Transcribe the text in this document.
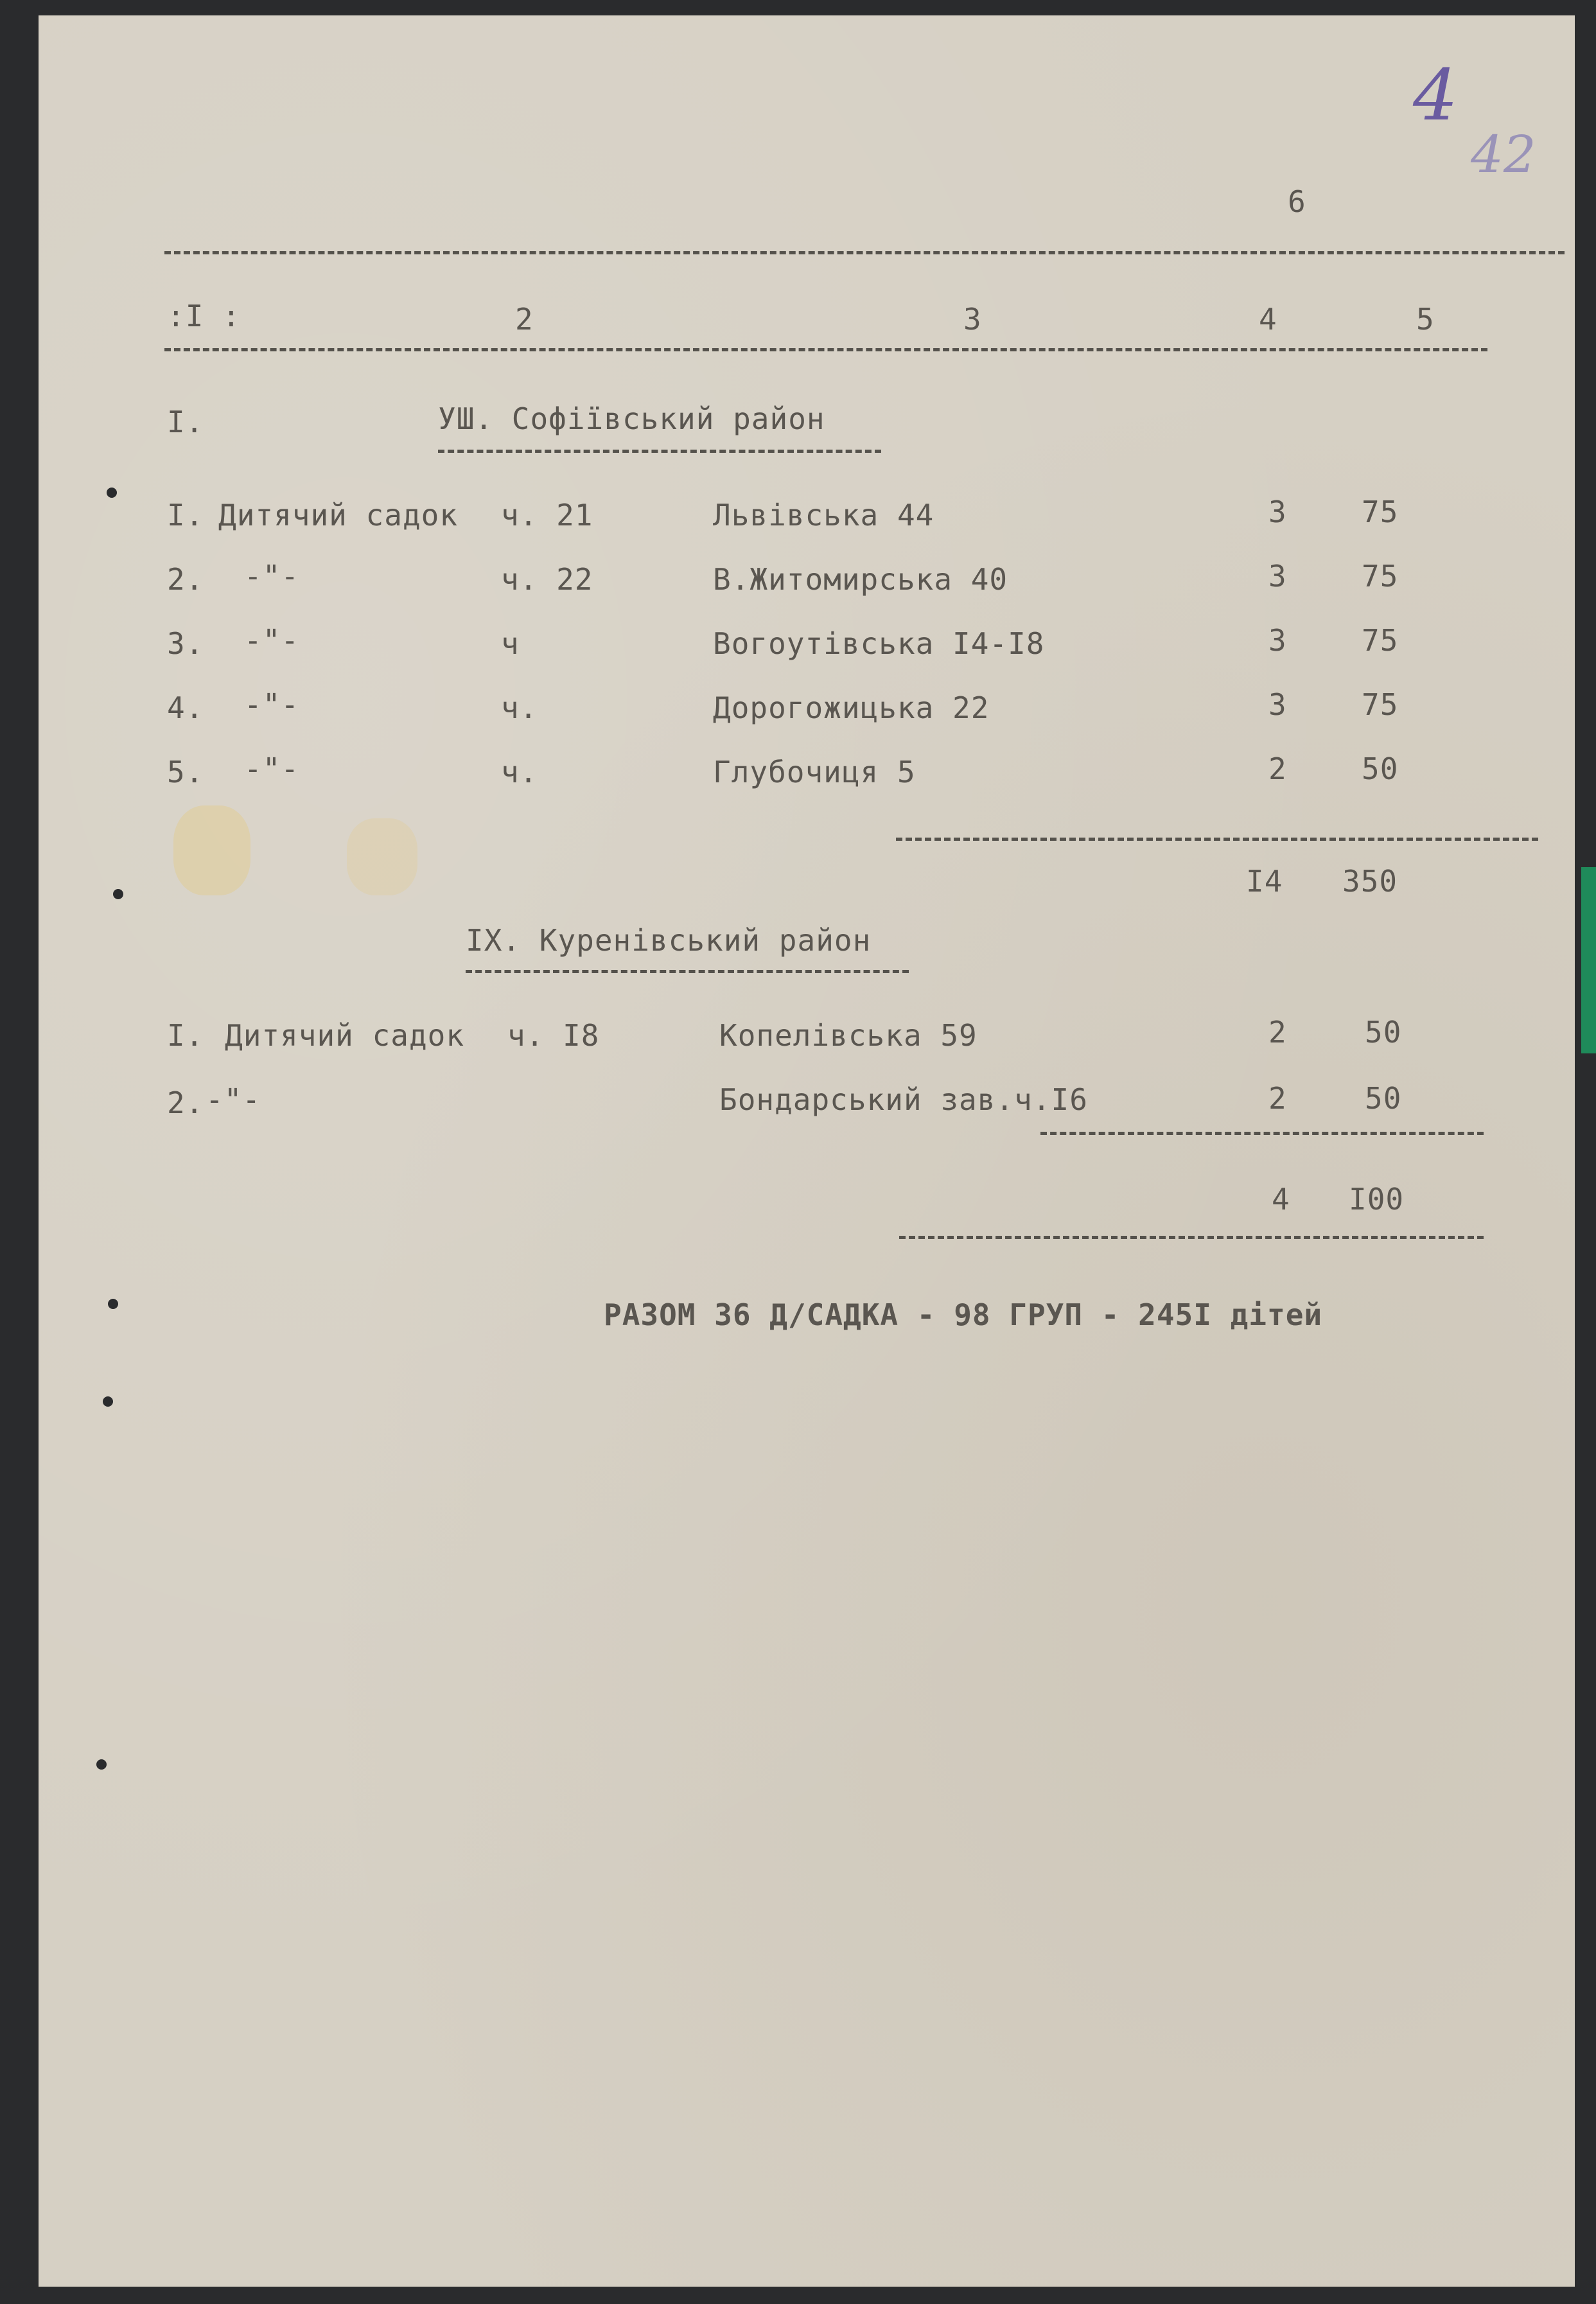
4
42
6
:І :	2	3	4	5
І.	УШ. Софіївський район
І. Дитячий садок ч. 21	Львівська 44	3	75
2. -"-	ч. 22	В.Житомирська 40	3	75
3. -"-	ч	Вогоутівська І4-І8	3	75
4. -"-	ч.	Дорогожицька 22	3	75
5. -"-	ч.	Глубочиця 5	2	50
І4 350
ІХ. Куренівський район
І. Дитячий садок ч. І8	Копелівська 59	2	50
2. -"-	Бондарський зав.ч.І6	2	50
4 І00
РАЗОМ 36 Д/САДКА - 98 ГРУП - 245І дітей
